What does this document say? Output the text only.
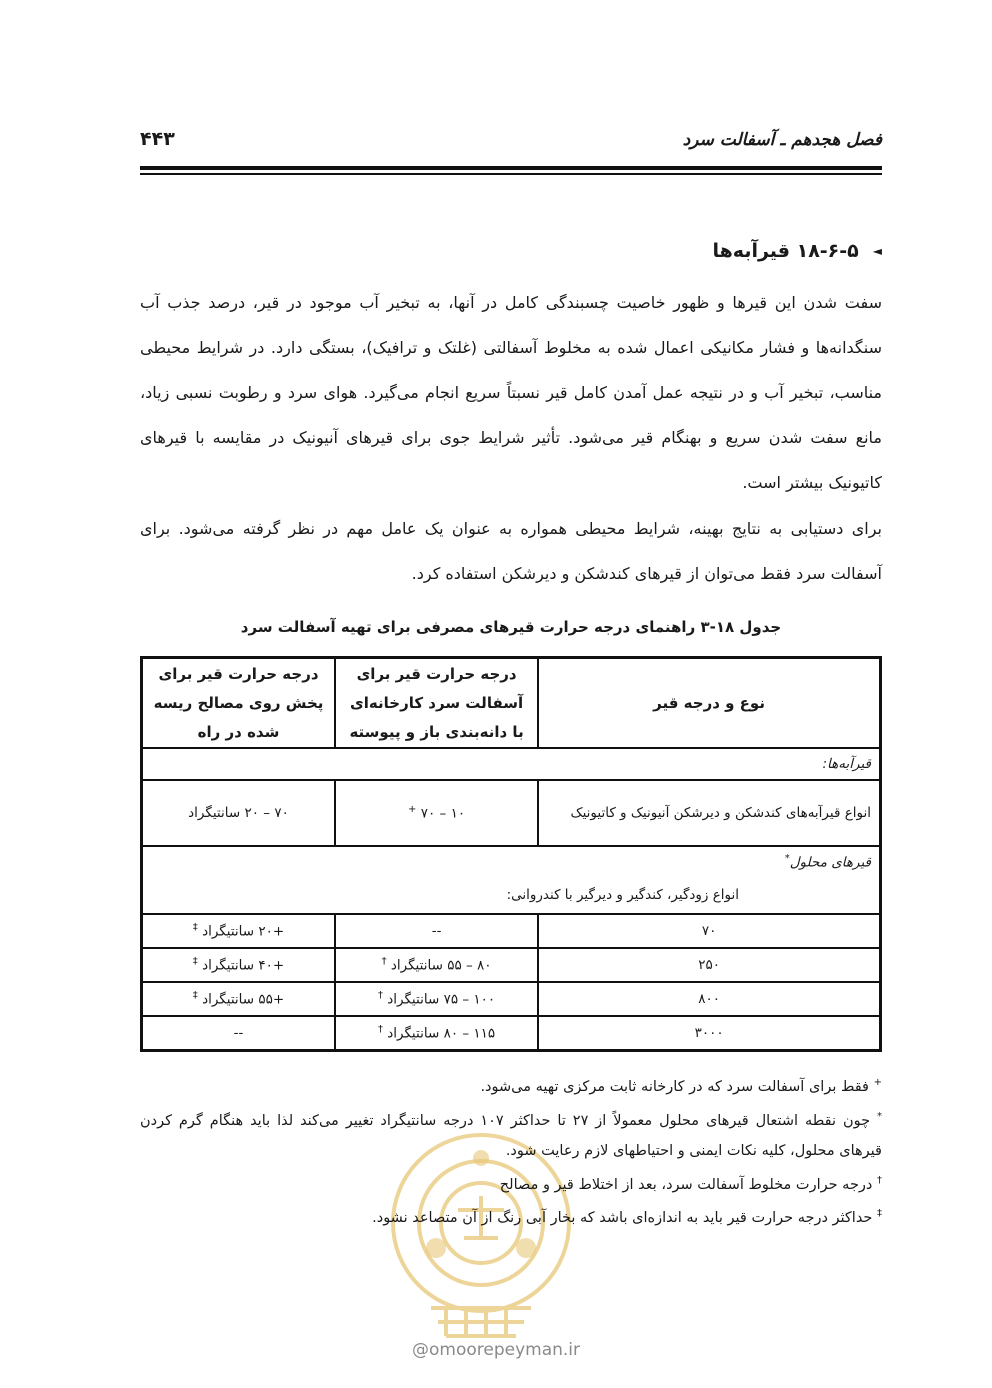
فصل هجدهم ـ آسفالت سرد
۴۴۳
◄۱۸-۶-۵ قیرآبه‌ها
سفت شدن این قیرها و ظهور خاصیت چسبندگی کامل در آنها، به تبخیر آب موجود در قیر، درصد جذب آب سنگدانه‌ها و فشار مکانیکی اعمال شده به مخلوط آسفالتی (غلتک و ترافیک)، بستگی دارد. در شرایط محیطی مناسب، تبخیر آب و در نتیجه عمل آمدن کامل قیر نسبتاً سریع انجام می‌گیرد. هوای سرد و رطوبت نسبی زیاد، مانع سفت شدن سریع و بهنگام قیر می‌شود. تأثیر شرایط جوی برای قیرهای آنیونیک در مقایسه با قیرهای کاتیونیک بیشتر است.
برای دستیابی به نتایج بهینه، شرایط محیطی همواره به عنوان یک عامل مهم در نظر گرفته می‌شود. برای آسفالت سرد فقط می‌توان از قیرهای کندشکن و دیرشکن استفاده کرد.
جدول ۱۸-۳ راهنمای درجه حرارت قیرهای مصرفی برای تهیه آسفالت سرد
نوع و درجه قیر	درجه حرارت قیر برای آسفالت سرد کارخانه‌ای با دانه‌بندی باز و پیوسته	درجه حرارت قیر برای پخش روی مصالح ریسه شده در راه
قیرآبه‌ها:		
انواع قیرآبه‌های کندشکن و دیرشکن آنیونیک و کاتیونیک	۱۰ – ۷۰ +	۷۰ – ۲۰ سانتیگراد
قیرهای محلول*
انواع زودگیر، کندگیر و دیرگیر با کندروانی:		
۷۰	--	+۲۰ سانتیگراد ‡
۲۵۰	۸۰ – ۵۵ سانتیگراد †	+۴۰ سانتیگراد ‡
۸۰۰	۱۰۰ – ۷۵ سانتیگراد †	+۵۵ سانتیگراد ‡
۳۰۰۰	۱۱۵ – ۸۰ سانتیگراد †	--

+ فقط برای آسفالت سرد که در کارخانه ثابت مرکزی تهیه می‌شود.

* چون نقطه اشتعال قیرهای محلول معمولاً از ۲۷ تا حداکثر ۱۰۷ درجه سانتیگراد تغییر می‌کند لذا باید هنگام گرم کردن قیرهای محلول، کلیه نکات ایمنی و احتیاطهای لازم رعایت شود.

† درجه حرارت مخلوط آسفالت سرد، بعد از اختلاط قیر و مصالح

‡ حداکثر درجه حرارت قیر باید به اندازه‌ای باشد که بخار آبی رنگ از آن متصاعد نشود.

@omoorepeyman.ir
